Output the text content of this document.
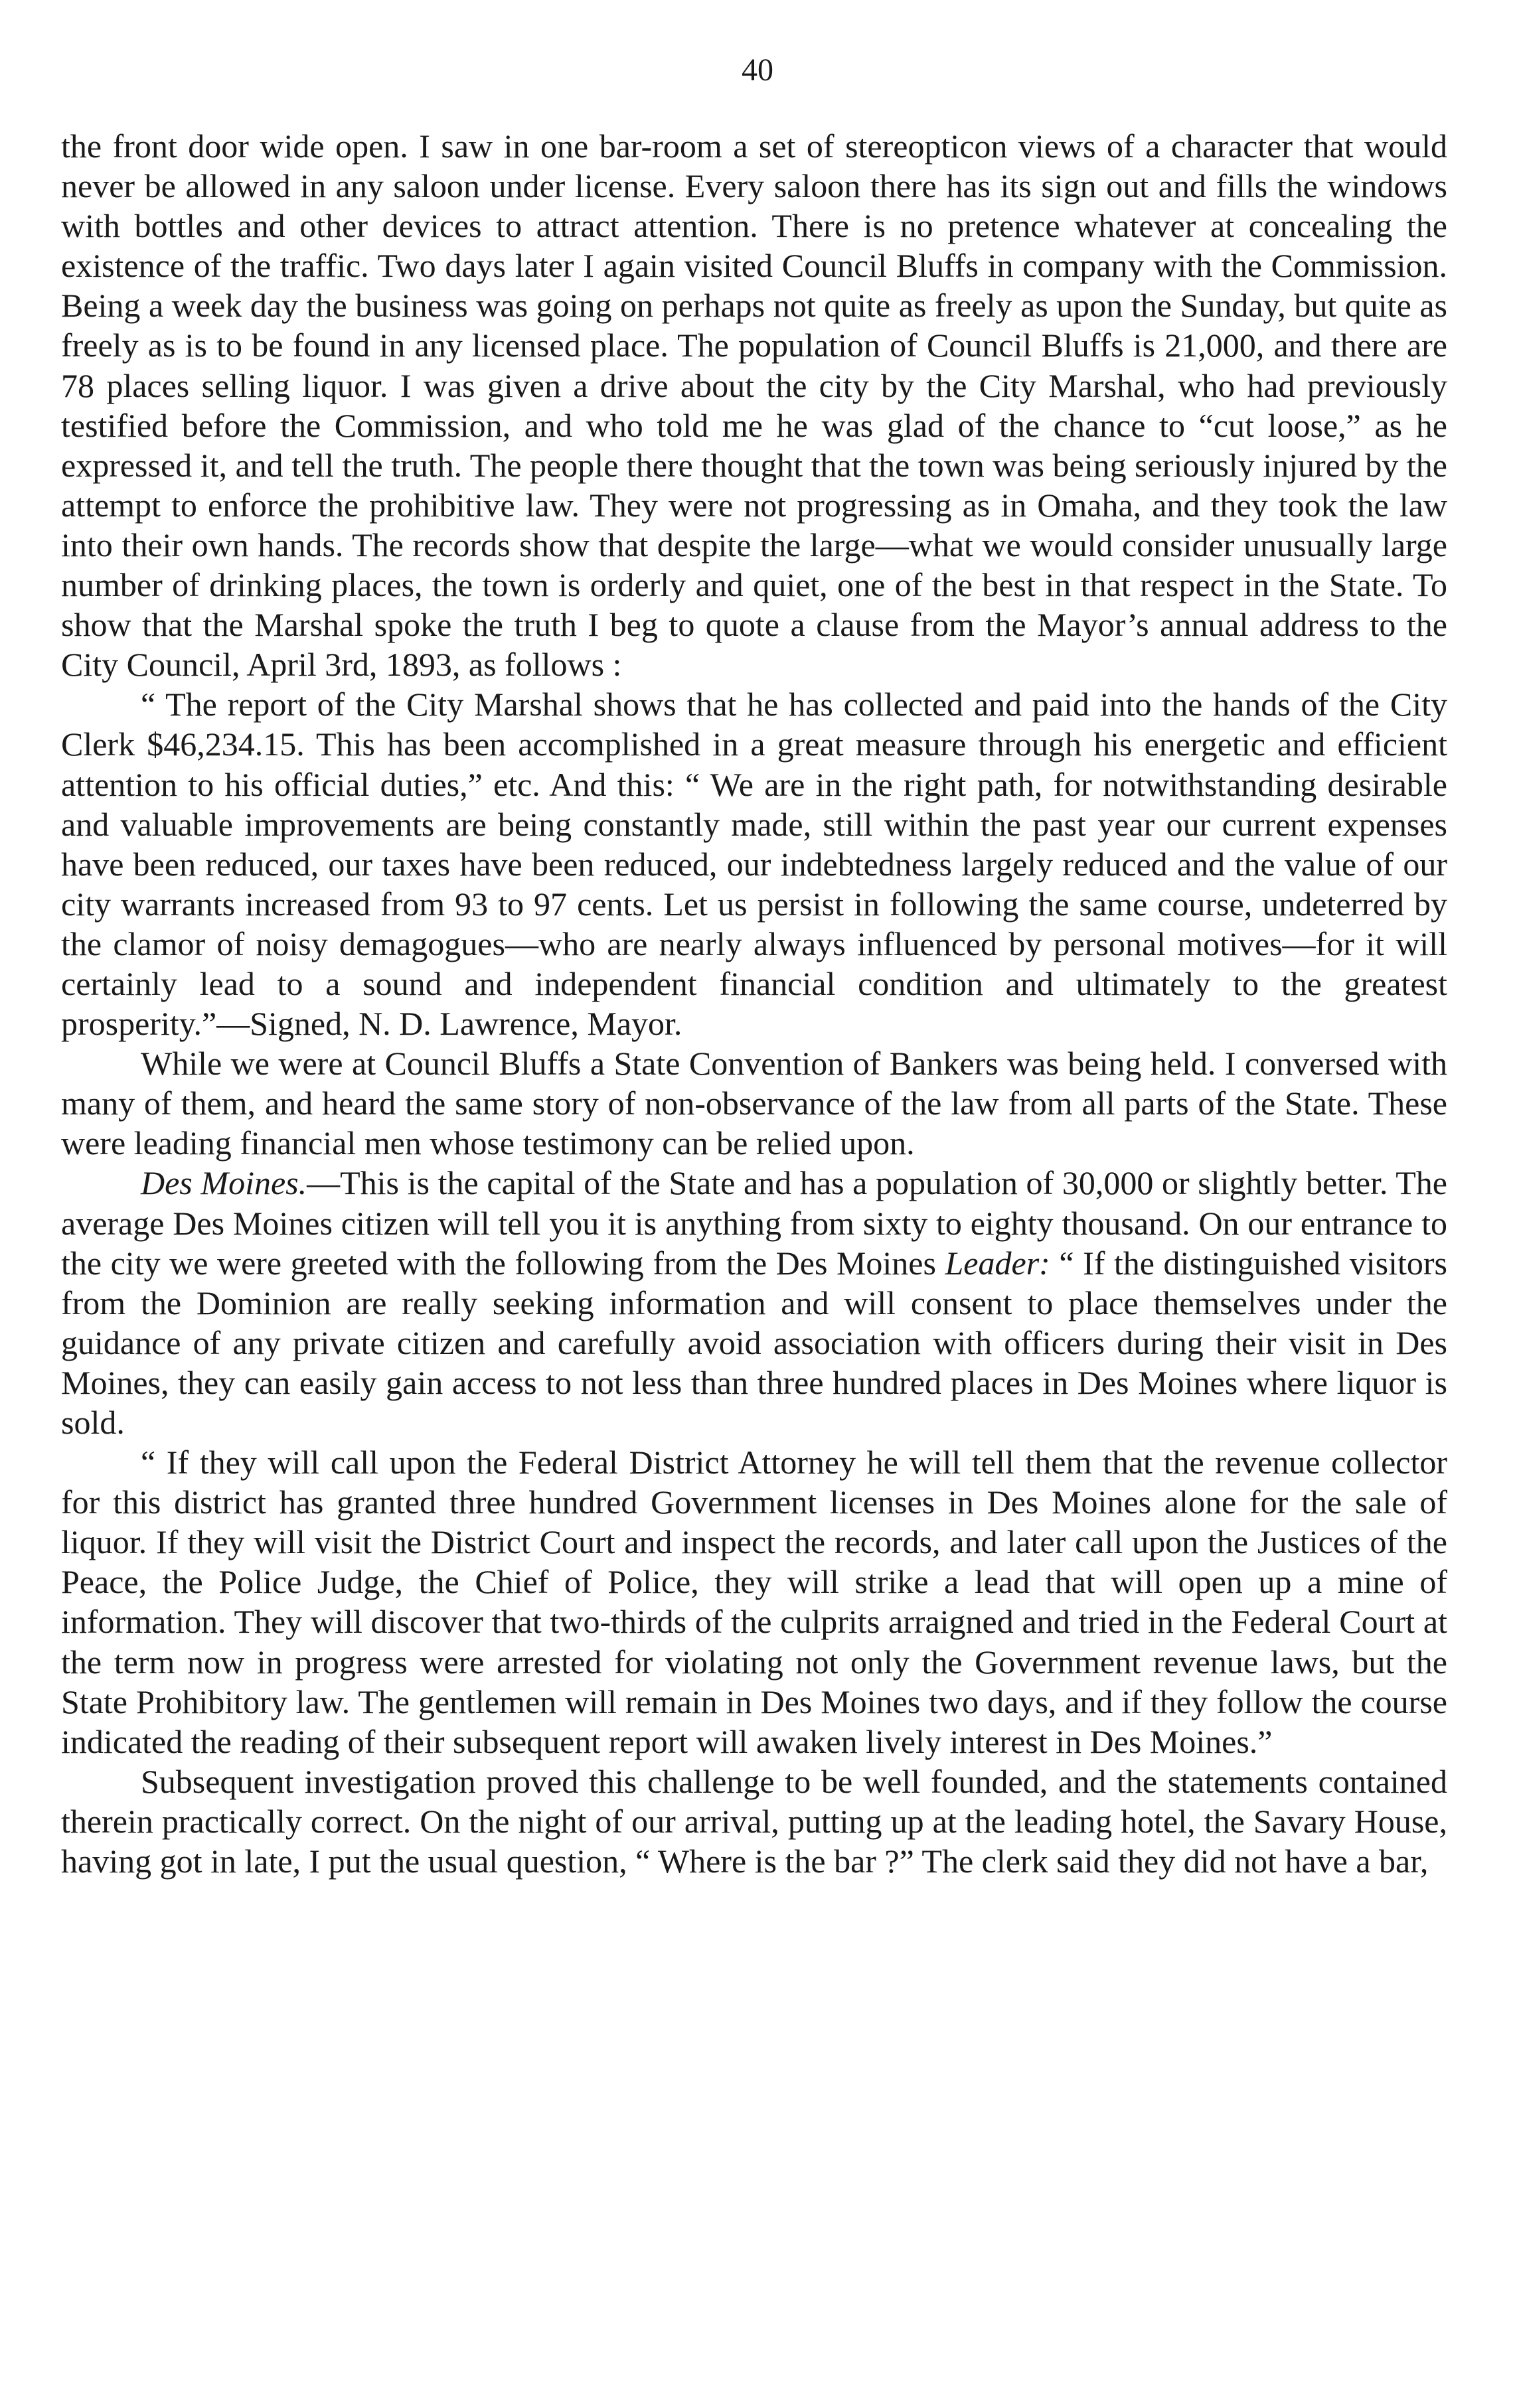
40

the front door wide open. I saw in one bar-room a set of stereopticon views of a character that would never be allowed in any saloon under license. Every saloon there has its sign out and fills the windows with bottles and other devices to attract attention. There is no pretence whatever at concealing the existence of the traffic. Two days later I again visited Council Bluffs in company with the Commission. Being a week day the business was going on perhaps not quite as freely as upon the Sunday, but quite as freely as is to be found in any licensed place. The population of Council Bluffs is 21,000, and there are 78 places selling liquor. I was given a drive about the city by the City Marshal, who had previously testified before the Commission, and who told me he was glad of the chance to “cut loose,” as he expressed it, and tell the truth. The people there thought that the town was being seriously injured by the attempt to enforce the prohibitive law. They were not progressing as in Omaha, and they took the law into their own hands. The records show that despite the large—what we would consider unusually large number of drinking places, the town is orderly and quiet, one of the best in that respect in the State. To show that the Marshal spoke the truth I beg to quote a clause from the Mayor’s annual address to the City Council, April 3rd, 1893, as follows :

“ The report of the City Marshal shows that he has collected and paid into the hands of the City Clerk $46,234.15. This has been accomplished in a great measure through his energetic and efficient attention to his official duties,” etc. And this: “ We are in the right path, for notwithstanding desirable and valuable improvements are being constantly made, still within the past year our current expenses have been reduced, our taxes have been reduced, our indebtedness largely reduced and the value of our city warrants increased from 93 to 97 cents. Let us persist in following the same course, undeterred by the clamor of noisy demagogues—who are nearly always influenced by personal motives—for it will certainly lead to a sound and independent financial condition and ultimately to the greatest prosperity.”—Signed, N. D. Lawrence, Mayor.

While we were at Council Bluffs a State Convention of Bankers was being held. I conversed with many of them, and heard the same story of non-observance of the law from all parts of the State. These were leading financial men whose testimony can be relied upon.

Des Moines.—This is the capital of the State and has a population of 30,000 or slightly better. The average Des Moines citizen will tell you it is anything from sixty to eighty thousand. On our entrance to the city we were greeted with the following from the Des Moines Leader: “ If the distinguished visitors from the Dominion are really seeking information and will consent to place themselves under the guidance of any private citizen and carefully avoid association with officers during their visit in Des Moines, they can easily gain access to not less than three hundred places in Des Moines where liquor is sold.

“ If they will call upon the Federal District Attorney he will tell them that the revenue collector for this district has granted three hundred Government licenses in Des Moines alone for the sale of liquor. If they will visit the District Court and inspect the records, and later call upon the Justices of the Peace, the Police Judge, the Chief of Police, they will strike a lead that will open up a mine of information. They will discover that two-thirds of the culprits arraigned and tried in the Federal Court at the term now in progress were arrested for violating not only the Government revenue laws, but the State Prohibitory law. The gentlemen will remain in Des Moines two days, and if they follow the course indicated the reading of their subsequent report will awaken lively interest in Des Moines.”

Subsequent investigation proved this challenge to be well founded, and the statements contained therein practically correct. On the night of our arrival, putting up at the leading hotel, the Savary House, having got in late, I put the usual question, “ Where is the bar ?” The clerk said they did not have a bar,
